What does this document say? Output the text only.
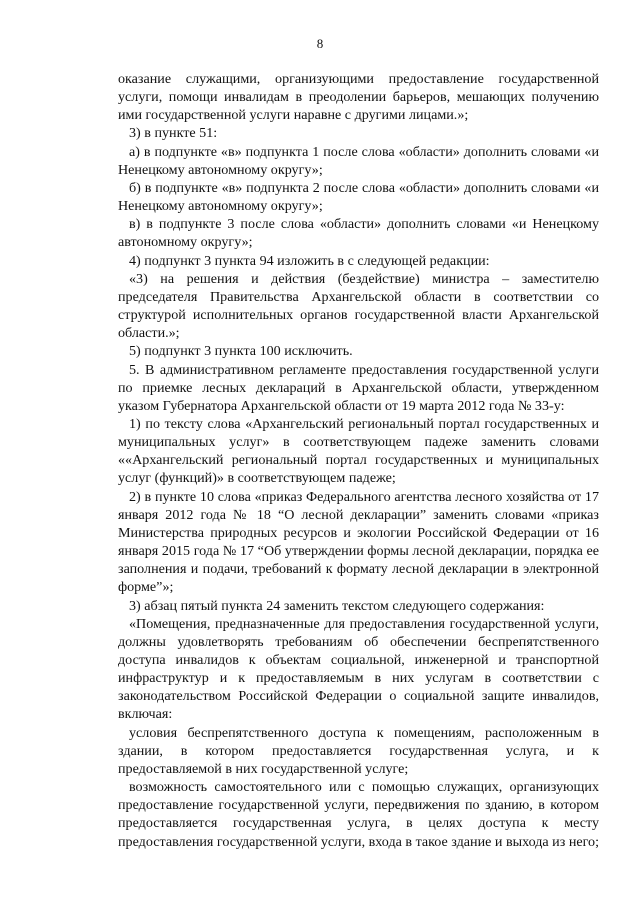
8

оказание служащими, организующими предоставление государственной услуги, помощи инвалидам в преодолении барьеров, мешающих получению ими государственной услуги наравне с другими лицами.»;

3) в пункте 51:

а) в подпункте «в» подпункта 1 после слова «области» дополнить словами «и Ненецкому автономному округу»;

б) в подпункте «в» подпункта 2 после слова «области» дополнить словами «и Ненецкому автономному округу»;

в) в подпункте 3 после слова «области» дополнить словами «и Ненецкому автономному округу»;

4) подпункт 3 пункта 94 изложить в с следующей редакции:

«3) на решения и действия (бездействие) министра – заместителю председателя Правительства Архангельской области в соответствии со структурой исполнительных органов государственной власти Архангельской области.»;

5) подпункт 3 пункта 100 исключить.

5. В административном регламенте предоставления государственной услуги по приемке лесных деклараций в Архангельской области, утвержденном указом Губернатора Архангельской области от 19 марта 2012 года № 33-у:

1) по тексту слова «Архангельский региональный портал государственных и муниципальных услуг» в соответствующем падеже заменить словами ««Архангельский региональный портал государственных и муниципальных услуг (функций)» в соответствующем падеже;

2) в пункте 10 слова «приказ Федерального агентства лесного хозяйства от 17 января 2012 года № 18 “О лесной декларации” заменить словами «приказ Министерства природных ресурсов и экологии Российской Федерации от 16 января 2015 года № 17 “Об утверждении формы лесной декларации, порядка ее заполнения и подачи, требований к формату лесной декларации в электронной форме”»;

3) абзац пятый пункта 24 заменить текстом следующего содержания:

«Помещения, предназначенные для предоставления государственной услуги, должны удовлетворять требованиям об обеспечении беспрепятственного доступа инвалидов к объектам социальной, инженерной и транспортной инфраструктур и к предоставляемым в них услугам в соответствии с законодательством Российской Федерации о социальной защите инвалидов, включая:

условия беспрепятственного доступа к помещениям, расположенным в здании, в котором предоставляется государственная услуга, и к предоставляемой в них государственной услуге;

возможность самостоятельного или с помощью служащих, организующих предоставление государственной услуги, передвижения по зданию, в котором предоставляется государственная услуга, в целях доступа к месту предоставления государственной услуги, входа в такое здание и выхода из него;
